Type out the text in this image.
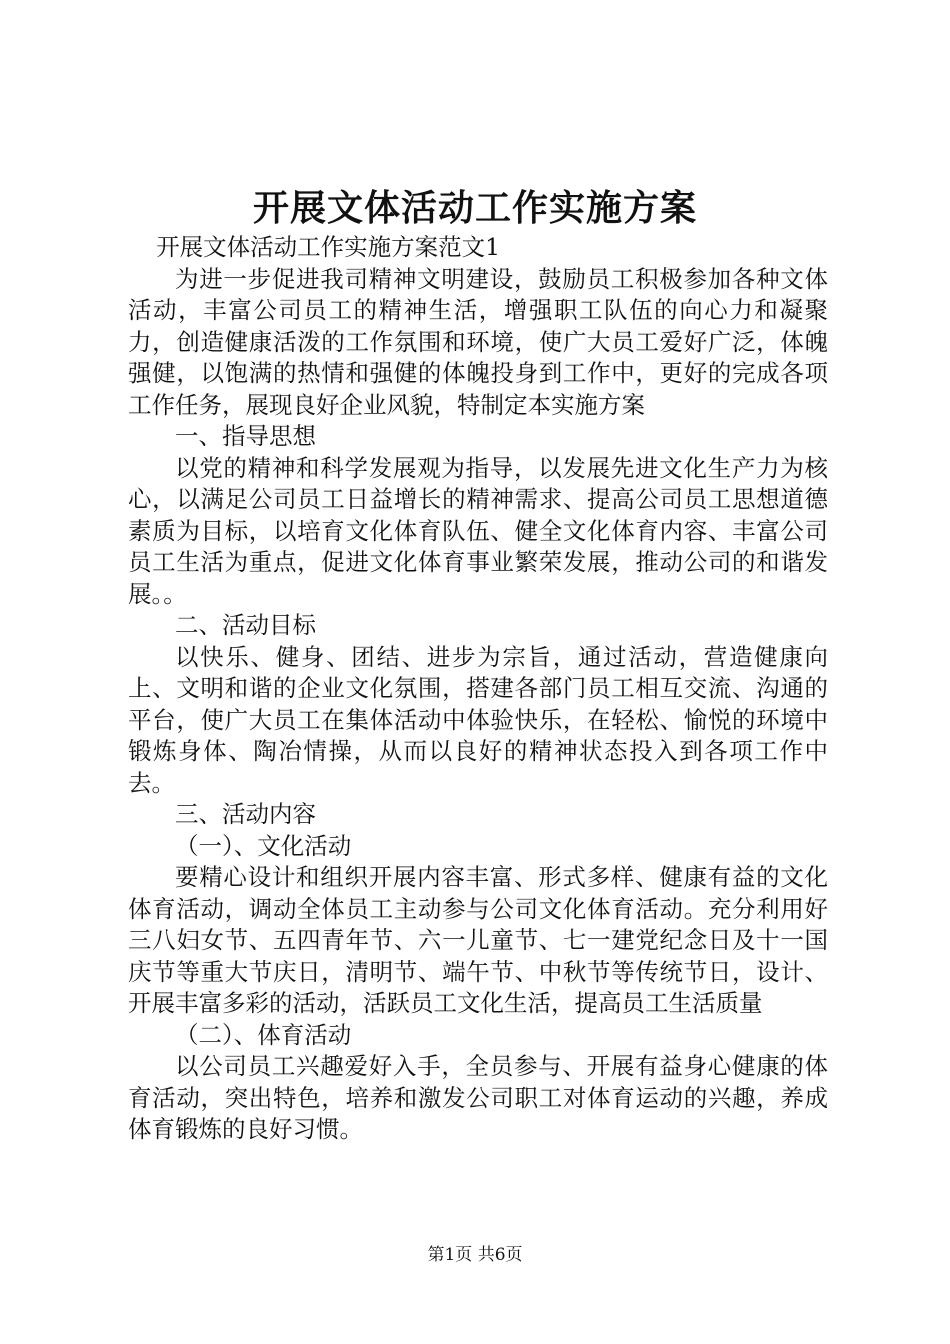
开展文体活动工作实施方案

开展文体活动工作实施方案范文1

为进一步促进我司精神文明建设，鼓励员工积极参加各种文体活动，丰富公司员工的精神生活，增强职工队伍的向心力和凝聚力，创造健康活泼的工作氛围和环境，使广大员工爱好广泛，体魄强健，以饱满的热情和强健的体魄投身到工作中，更好的完成各项工作任务，展现良好企业风貌，特制定本实施方案

一、指导思想

以党的精神和科学发展观为指导，以发展先进文化生产力为核心，以满足公司员工日益增长的精神需求、提高公司员工思想道德素质为目标，以培育文化体育队伍、健全文化体育内容、丰富公司员工生活为重点，促进文化体育事业繁荣发展，推动公司的和谐发展。。

二、活动目标

以快乐、健身、团结、进步为宗旨，通过活动，营造健康向上、文明和谐的企业文化氛围，搭建各部门员工相互交流、沟通的平台，使广大员工在集体活动中体验快乐，在轻松、愉悦的环境中锻炼身体、陶冶情操，从而以良好的精神状态投入到各项工作中去。

三、活动内容

（一）、文化活动

要精心设计和组织开展内容丰富、形式多样、健康有益的文化体育活动，调动全体员工主动参与公司文化体育活动。充分利用好三八妇女节、五四青年节、六一儿童节、七一建党纪念日及十一国庆节等重大节庆日，清明节、端午节、中秋节等传统节日，设计、开展丰富多彩的活动，活跃员工文化生活，提高员工生活质量

（二）、体育活动

以公司员工兴趣爱好入手，全员参与、开展有益身心健康的体育活动，突出特色，培养和激发公司职工对体育运动的兴趣，养成体育锻炼的良好习惯。

第1页 共6页
